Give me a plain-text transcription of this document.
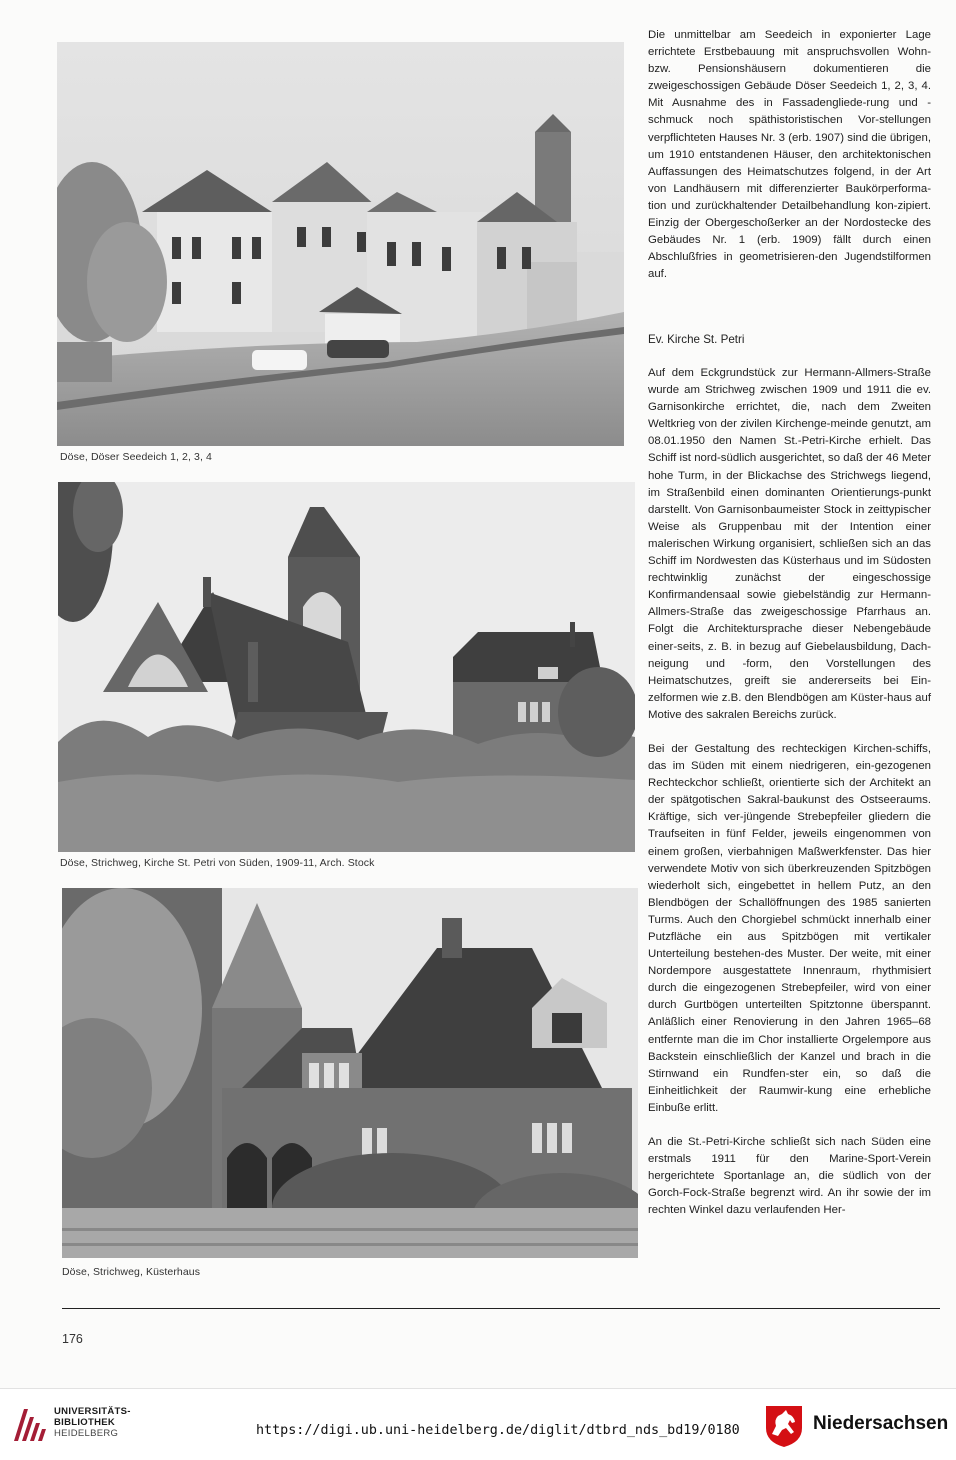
Döse, Döser Seedeich 1, 2, 3, 4
Döse, Strichweg, Kirche St. Petri von Süden, 1909-11, Arch. Stock
Döse, Strichweg, Küsterhaus

Die unmittelbar am Seedeich in exponierter Lage errichtete Erstbebauung mit anspruchsvollen Wohn- bzw. Pensionshäusern dokumentieren die zweigeschossigen Gebäude Döser Seedeich 1, 2, 3, 4. Mit Ausnahme des in Fassadengliede-rung und -schmuck noch späthistoristischen Vor-stellungen verpflichteten Hauses Nr. 3 (erb. 1907) sind die übrigen, um 1910 entstandenen Häuser, den architektonischen Auffassungen des Heimatschutzes folgend, in der Art von Landhäusern mit differenzierter Baukörperforma-tion und zurückhaltender Detailbehandlung kon-zipiert. Einzig der Obergeschoßerker an der Nordostecke des Gebäudes Nr. 1 (erb. 1909) fällt durch einen Abschlußfries in geometrisieren-den Jugendstilformen auf.

Ev. Kirche St. Petri

Auf dem Eckgrundstück zur Hermann-Allmers-Straße wurde am Strichweg zwischen 1909 und 1911 die ev. Garnisonkirche errichtet, die, nach dem Zweiten Weltkrieg von der zivilen Kirchenge-meinde genutzt, am 08.01.1950 den Namen St.-Petri-Kirche erhielt. Das Schiff ist nord-südlich ausgerichtet, so daß der 46 Meter hohe Turm, in der Blickachse des Strichwegs liegend, im Straßenbild einen dominanten Orientierungs-punkt darstellt. Von Garnisonbaumeister Stock in zeittypischer Weise als Gruppenbau mit der Intention einer malerischen Wirkung organisiert, schließen sich an das Schiff im Nordwesten das Küsterhaus und im Südosten rechtwinklig zunächst der eingeschossige Konfirmandensaal sowie giebelständig zur Hermann-Allmers-Straße das zweigeschossige Pfarrhaus an. Folgt die Architektursprache dieser Nebengebäude einer-seits, z. B. in bezug auf Giebelausbildung, Dach-neigung und -form, den Vorstellungen des Heimatschutzes, greift sie andererseits bei Ein-zelformen wie z.B. den Blendbögen am Küster-haus auf Motive des sakralen Bereichs zurück.

Bei der Gestaltung des rechteckigen Kirchen-schiffs, das im Süden mit einem niedrigeren, ein-gezogenen Rechteckchor schließt, orientierte sich der Architekt an der spätgotischen Sakral-baukunst des Ostseeraums. Kräftige, sich ver-jüngende Strebepfeiler gliedern die Traufseiten in fünf Felder, jeweils eingenommen von einem großen, vierbahnigen Maßwerkfenster. Das hier verwendete Motiv von sich überkreuzenden Spitzbögen wiederholt sich, eingebettet in hellem Putz, an den Blendbögen der Schallöffnungen des 1985 sanierten Turms. Auch den Chorgiebel schmückt innerhalb einer Putzfläche ein aus Spitzbögen mit vertikaler Unterteilung bestehen-des Muster. Der weite, mit einer Nordempore ausgestattete Innenraum, rhythmisiert durch die eingezogenen Strebepfeiler, wird von einer durch Gurtbögen unterteilten Spitztonne überspannt. Anläßlich einer Renovierung in den Jahren 1965–68 entfernte man die im Chor installierte Orgelempore aus Backstein einschließlich der Kanzel und brach in die Stirnwand ein Rundfen-ster ein, so daß die Einheitlichkeit der Raumwir-kung eine erhebliche Einbuße erlitt.

An die St.-Petri-Kirche schließt sich nach Süden eine erstmals 1911 für den Marine-Sport-Verein hergerichtete Sportanlage an, die südlich von der Gorch-Fock-Straße begrenzt wird. An ihr sowie der im rechten Winkel dazu verlaufenden Her-

176
UNIVERSITÄTS-
BIBLIOTHEK
HEIDELBERG	https://digi.ub.uni-heidelberg.de/diglit/dtbrd_nds_bd19/0180	Niedersachsen
